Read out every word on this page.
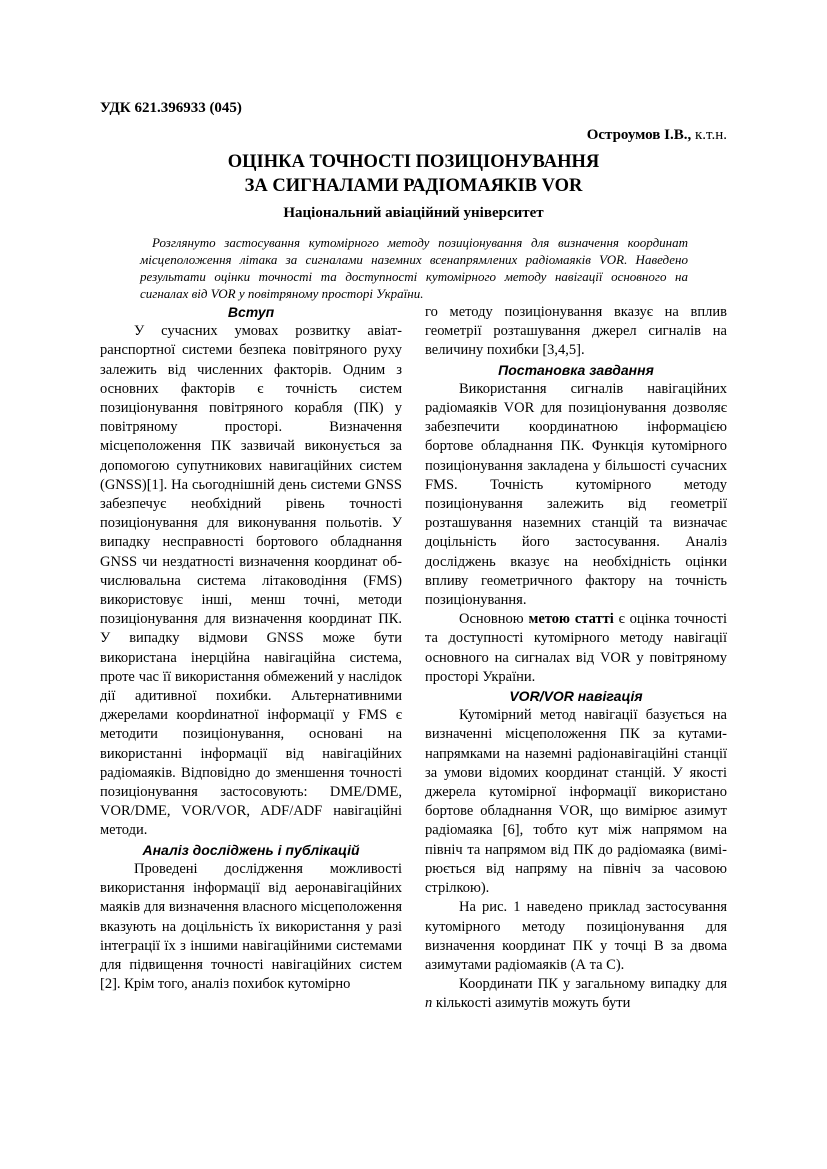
УДК 621.396933 (045)

Остроумов І.В., к.т.н.

ОЦІНКА ТОЧНОСТІ ПОЗИЦІОНУВАННЯ
ЗА СИГНАЛАМИ РАДІОМАЯКІВ VOR

Національний авіаційний університет

Розглянуто застосування кутомірного методу позиціонування для визначення координат місцеположення літака за сигналами наземних всенапрямлених радіомаяків VOR. Наведено результати оцінки точності та доступності кутомірного методу навігації основного на сигналах від VOR у повітряному просторі України.

Вступ

У сучасних умовах розвитку авіатранспортної системи безпека повітряного руху залежить від численних факторів. Одним з основних факторів є точність систем позиціонування повітряного корабля (ПК) у повітряному просторі. Визначення місцеположення ПК зазвичай виконується за допомогою супутникових навигаційних систем (GNSS)[1]. На сьогоднішній день системи GNSS забезпечує необхідний рівень точності позиціонування для виконування польотів. У випадку несправності бортового обладнання GNSS чи нездатності визначення координат обчислювальна система літаководіння (FMS) використовує інші, менш точні, методи позиціонування для визначення координат ПК. У випадку відмови GNSS може бути використана інерційна навігаційна система, проте час її використання обмежений у наслідок дії адитивної похибки. Альтернативними джерелами коорdинатної інформації у FMS є методити позиціонування, основані на використанні інформації від навігаційних радіомаяків. Відповідно до зменшення точності позиціонування застосовують: DME/DME, VOR/DME, VOR/VOR, ADF/ADF навігаційні методи.

Аналіз досліджень і публікацій

Проведені дослідження можливості використання інформації від аеронавігаційних маяків для визначення власного місцеположення вказують на доцільність їх використання у разі інтеграції їх з іншими навігаційними системами для підвищення точності навігаційних систем [2]. Крім того, аналіз похибок кутомірно

го методу позиціонування вказує на вплив геометрії розташування джерел сигналів на величину похибки [3,4,5].

Постановка завдання

Використання сигналів навігаційних радіомаяків VOR для позиціонування дозволяє забезпечити координатною інформацією бортове обладнання ПК. Функція кутомірного позиціонування закладена у більшості сучасних FMS. Точність кутомірного методу позиціонування залежить від геометрії розташування наземних станцій та визначає доцільність його застосування. Аналіз досліджень вказує на необхідність оцінки впливу геометричного фактору на точність позиціонування.

Основною метою статті є оцінка точності та доступності кутомірного методу навігації основного на сигналах від VOR у повітряному просторі України.

VOR/VOR навігація

Кутомірний метод навігації базується на визначенні місцеположення ПК за кутами-напрямками на наземні радіонавігаційні станції за умови відомих координат станцій. У якості джерела кутомірної інформації використано бортове обладнання VOR, що вимірює азимут радіомаяка [6], тобто кут між напрямом на північ та напрямом від ПК до радіомаяка (вимірюється від напряму на північ за часовою стрілкою).

На рис. 1 наведено приклад застосування кутомірного методу позиціонування для визначення координат ПК у точці В за двома азимутами радіомаяків (А та С).

Координати ПК у загальному випадку для n кількості азимутів можуть бути
